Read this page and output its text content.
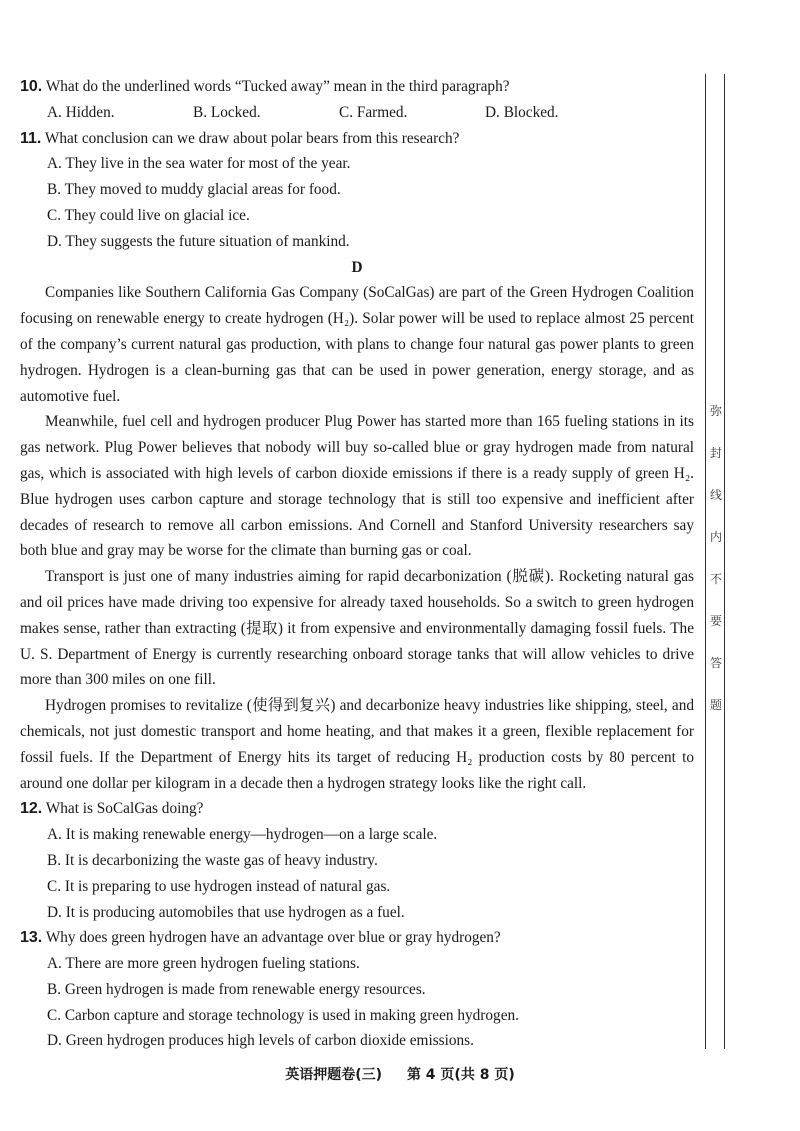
10. What do the underlined words “Tucked away” mean in the third paragraph?

A. Hidden.	B. Locked.	C. Farmed.	D. Blocked.

11. What conclusion can we draw about polar bears from this research?

A. They live in the sea water for most of the year.

B. They moved to muddy glacial areas for food.

C. They could live on glacial ice.

D. They suggests the future situation of mankind.

D

Companies like Southern California Gas Company (SoCalGas) are part of the Green Hydrogen Coalition focusing on renewable energy to create hydrogen (H₂). Solar power will be used to replace almost 25 percent of the company’s current natural gas production, with plans to change four natural gas power plants to green hydrogen. Hydrogen is a clean-burning gas that can be used in power generation, energy storage, and as automotive fuel.

Meanwhile, fuel cell and hydrogen producer Plug Power has started more than 165 fueling stations in its gas network. Plug Power believes that nobody will buy so-called blue or gray hydrogen made from natural gas, which is associated with high levels of carbon dioxide emissions if there is a ready supply of green H₂. Blue hydrogen uses carbon capture and storage technology that is still too expensive and inefficient after decades of research to remove all carbon emissions. And Cornell and Stanford University researchers say both blue and gray may be worse for the climate than burning gas or coal.

Transport is just one of many industries aiming for rapid decarbonization (脱碳). Rocketing natural gas and oil prices have made driving too expensive for already taxed households. So a switch to green hydrogen makes sense, rather than extracting (提取) it from expensive and environmentally damaging fossil fuels. The U. S. Department of Energy is currently researching onboard storage tanks that will allow vehicles to drive more than 300 miles on one fill.

Hydrogen promises to revitalize (使得到复兴) and decarbonize heavy industries like shipping, steel, and chemicals, not just domestic transport and home heating, and that makes it a green, flexible replacement for fossil fuels. If the Department of Energy hits its target of reducing H₂ production costs by 80 percent to around one dollar per kilogram in a decade then a hydrogen strategy looks like the right call.

12. What is SoCalGas doing?

A. It is making renewable energy—hydrogen—on a large scale.

B. It is decarbonizing the waste gas of heavy industry.

C. It is preparing to use hydrogen instead of natural gas.

D. It is producing automobiles that use hydrogen as a fuel.

13. Why does green hydrogen have an advantage over blue or gray hydrogen?

A. There are more green hydrogen fueling stations.

B. Green hydrogen is made from renewable energy resources.

C. Carbon capture and storage technology is used in making green hydrogen.

D. Green hydrogen produces high levels of carbon dioxide emissions.

弥
封
线
内
不
要
答
题
英语押题卷(三) 第 4 页(共 8 页)
